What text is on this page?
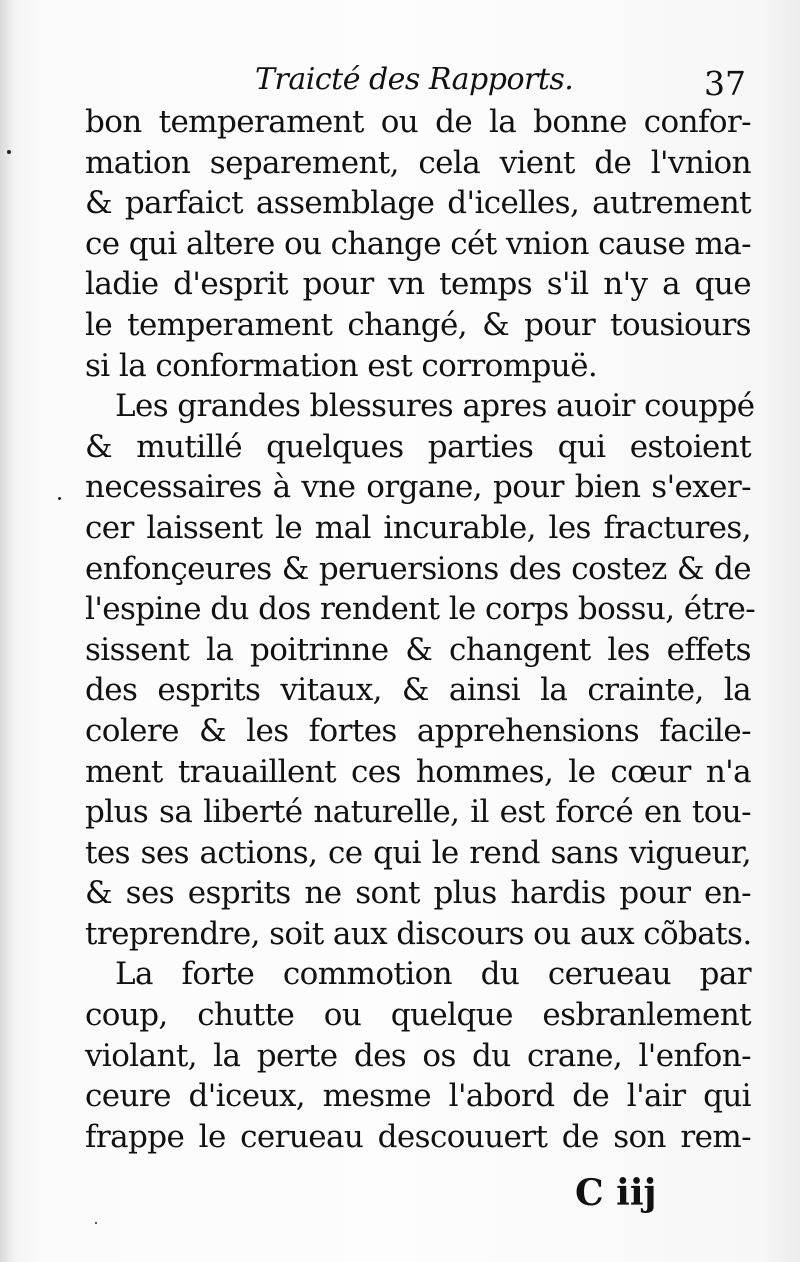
Traicté des Rapports.	37
bon temperament ou de la bonne confor-
mation separement, cela vient de l'vnion
& parfaict assemblage d'icelles, autrement
ce qui altere ou change cét vnion cause ma-
ladie d'esprit pour vn temps s'il n'y a que
le temperament changé, & pour tousiours
si la conformation est corrompuë.
Les grandes blessures apres auoir couppé
& mutillé quelques parties qui estoient
necessaires à vne organe, pour bien s'exer-
cer laissent le mal incurable, les fractures,
enfonçeures & peruersions des costez & de
l'espine du dos rendent le corps bossu, étre-
sissent la poitrinne & changent les effets
des esprits vitaux, & ainsi la crainte, la
colere & les fortes apprehensions facile-
ment trauaillent ces hommes, le cœur n'a
plus sa liberté naturelle, il est forcé en tou-
tes ses actions, ce qui le rend sans vigueur,
& ses esprits ne sont plus hardis pour en-
treprendre, soit aux discours ou aux cõbats.
La forte commotion du cerueau par
coup, chutte ou quelque esbranlement
violant, la perte des os du crane, l'enfon-
ceure d'iceux, mesme l'abord de l'air qui
frappe le cerueau descouuert de son rem-
C iij
